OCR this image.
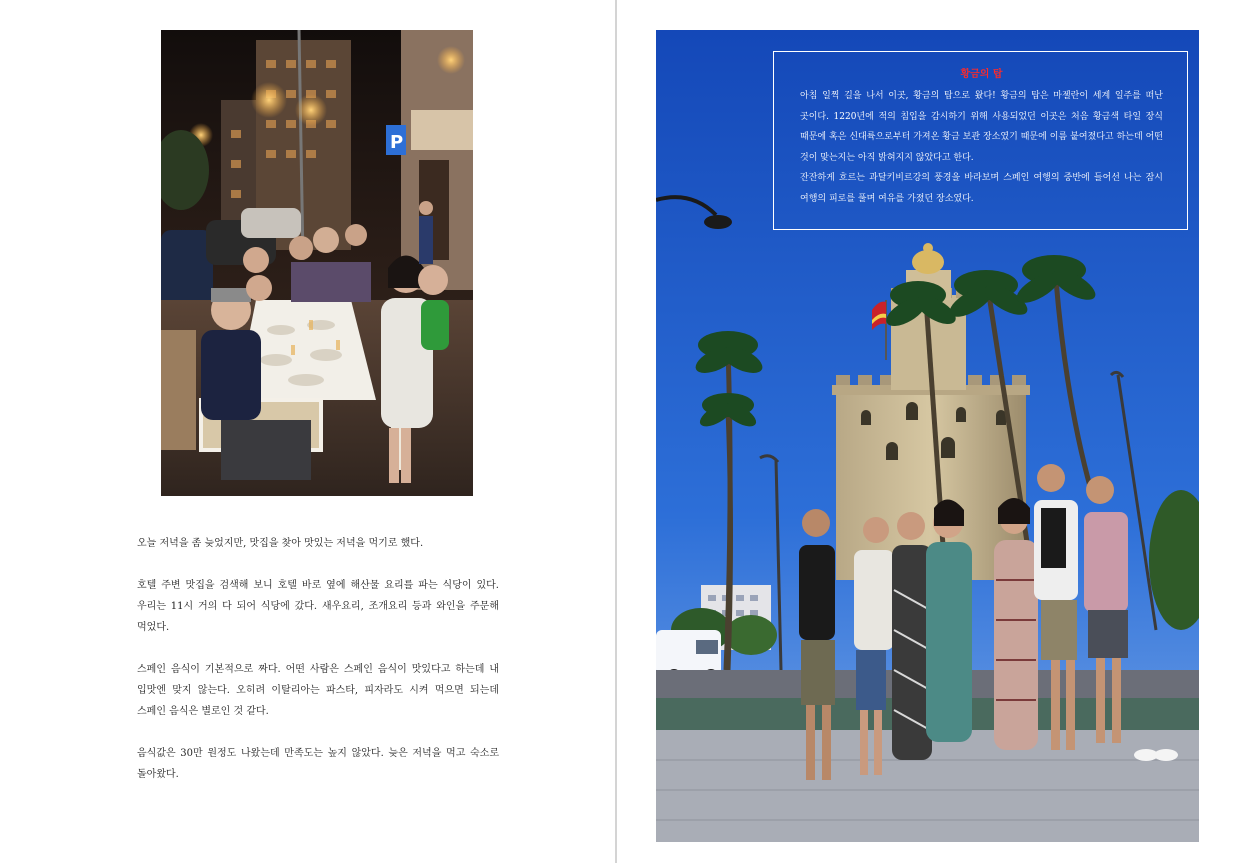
P

오늘 저녁을 좀 늦었지만, 맛집을 찾아 맛있는 저녁을 먹기로 했다.

호텔 주변 맛집을 검색해 보니 호텔 바로 옆에 해산물 요리를 파는 식당이 있다. 우리는 11시 거의 다 되어 식당에 갔다. 새우요리, 조개요리 등과 와인을 주문해 먹었다.

스페인 음식이 기본적으로 짜다. 어떤 사람은 스페인 음식이 맛있다고 하는데 내 입맛엔 맞지 않는다. 오히려 이탈리아는 파스타, 피자라도 시켜 먹으면 되는데 스페인 음식은 별로인 것 같다.

음식값은 30만 원정도 나왔는데 만족도는 높지 않았다. 늦은 저녁을 먹고 숙소로 돌아왔다.

황금의 탑

아침 일찍 길을 나서 이곳, 황금의 탑으로 왔다! 황금의 탑은 마젤란이 세계 일주를 떠난 곳이다. 1220년에 적의 침입을 감시하기 위해 사용되었던 이곳은 처음 황금색 타일 장식 때문에 혹은 신대륙으로부터 가져온 황금 보관 장소였기 때문에 이름 붙여졌다고 하는데 어떤 것이 맞는지는 아직 밝혀지지 않았다고 한다.

잔잔하게 흐르는 과달키비르강의 풍경을 바라보며 스페인 여행의 중반에 들어선 나는 잠시 여행의 피로를 풀며 여유를 가졌던 장소였다.
